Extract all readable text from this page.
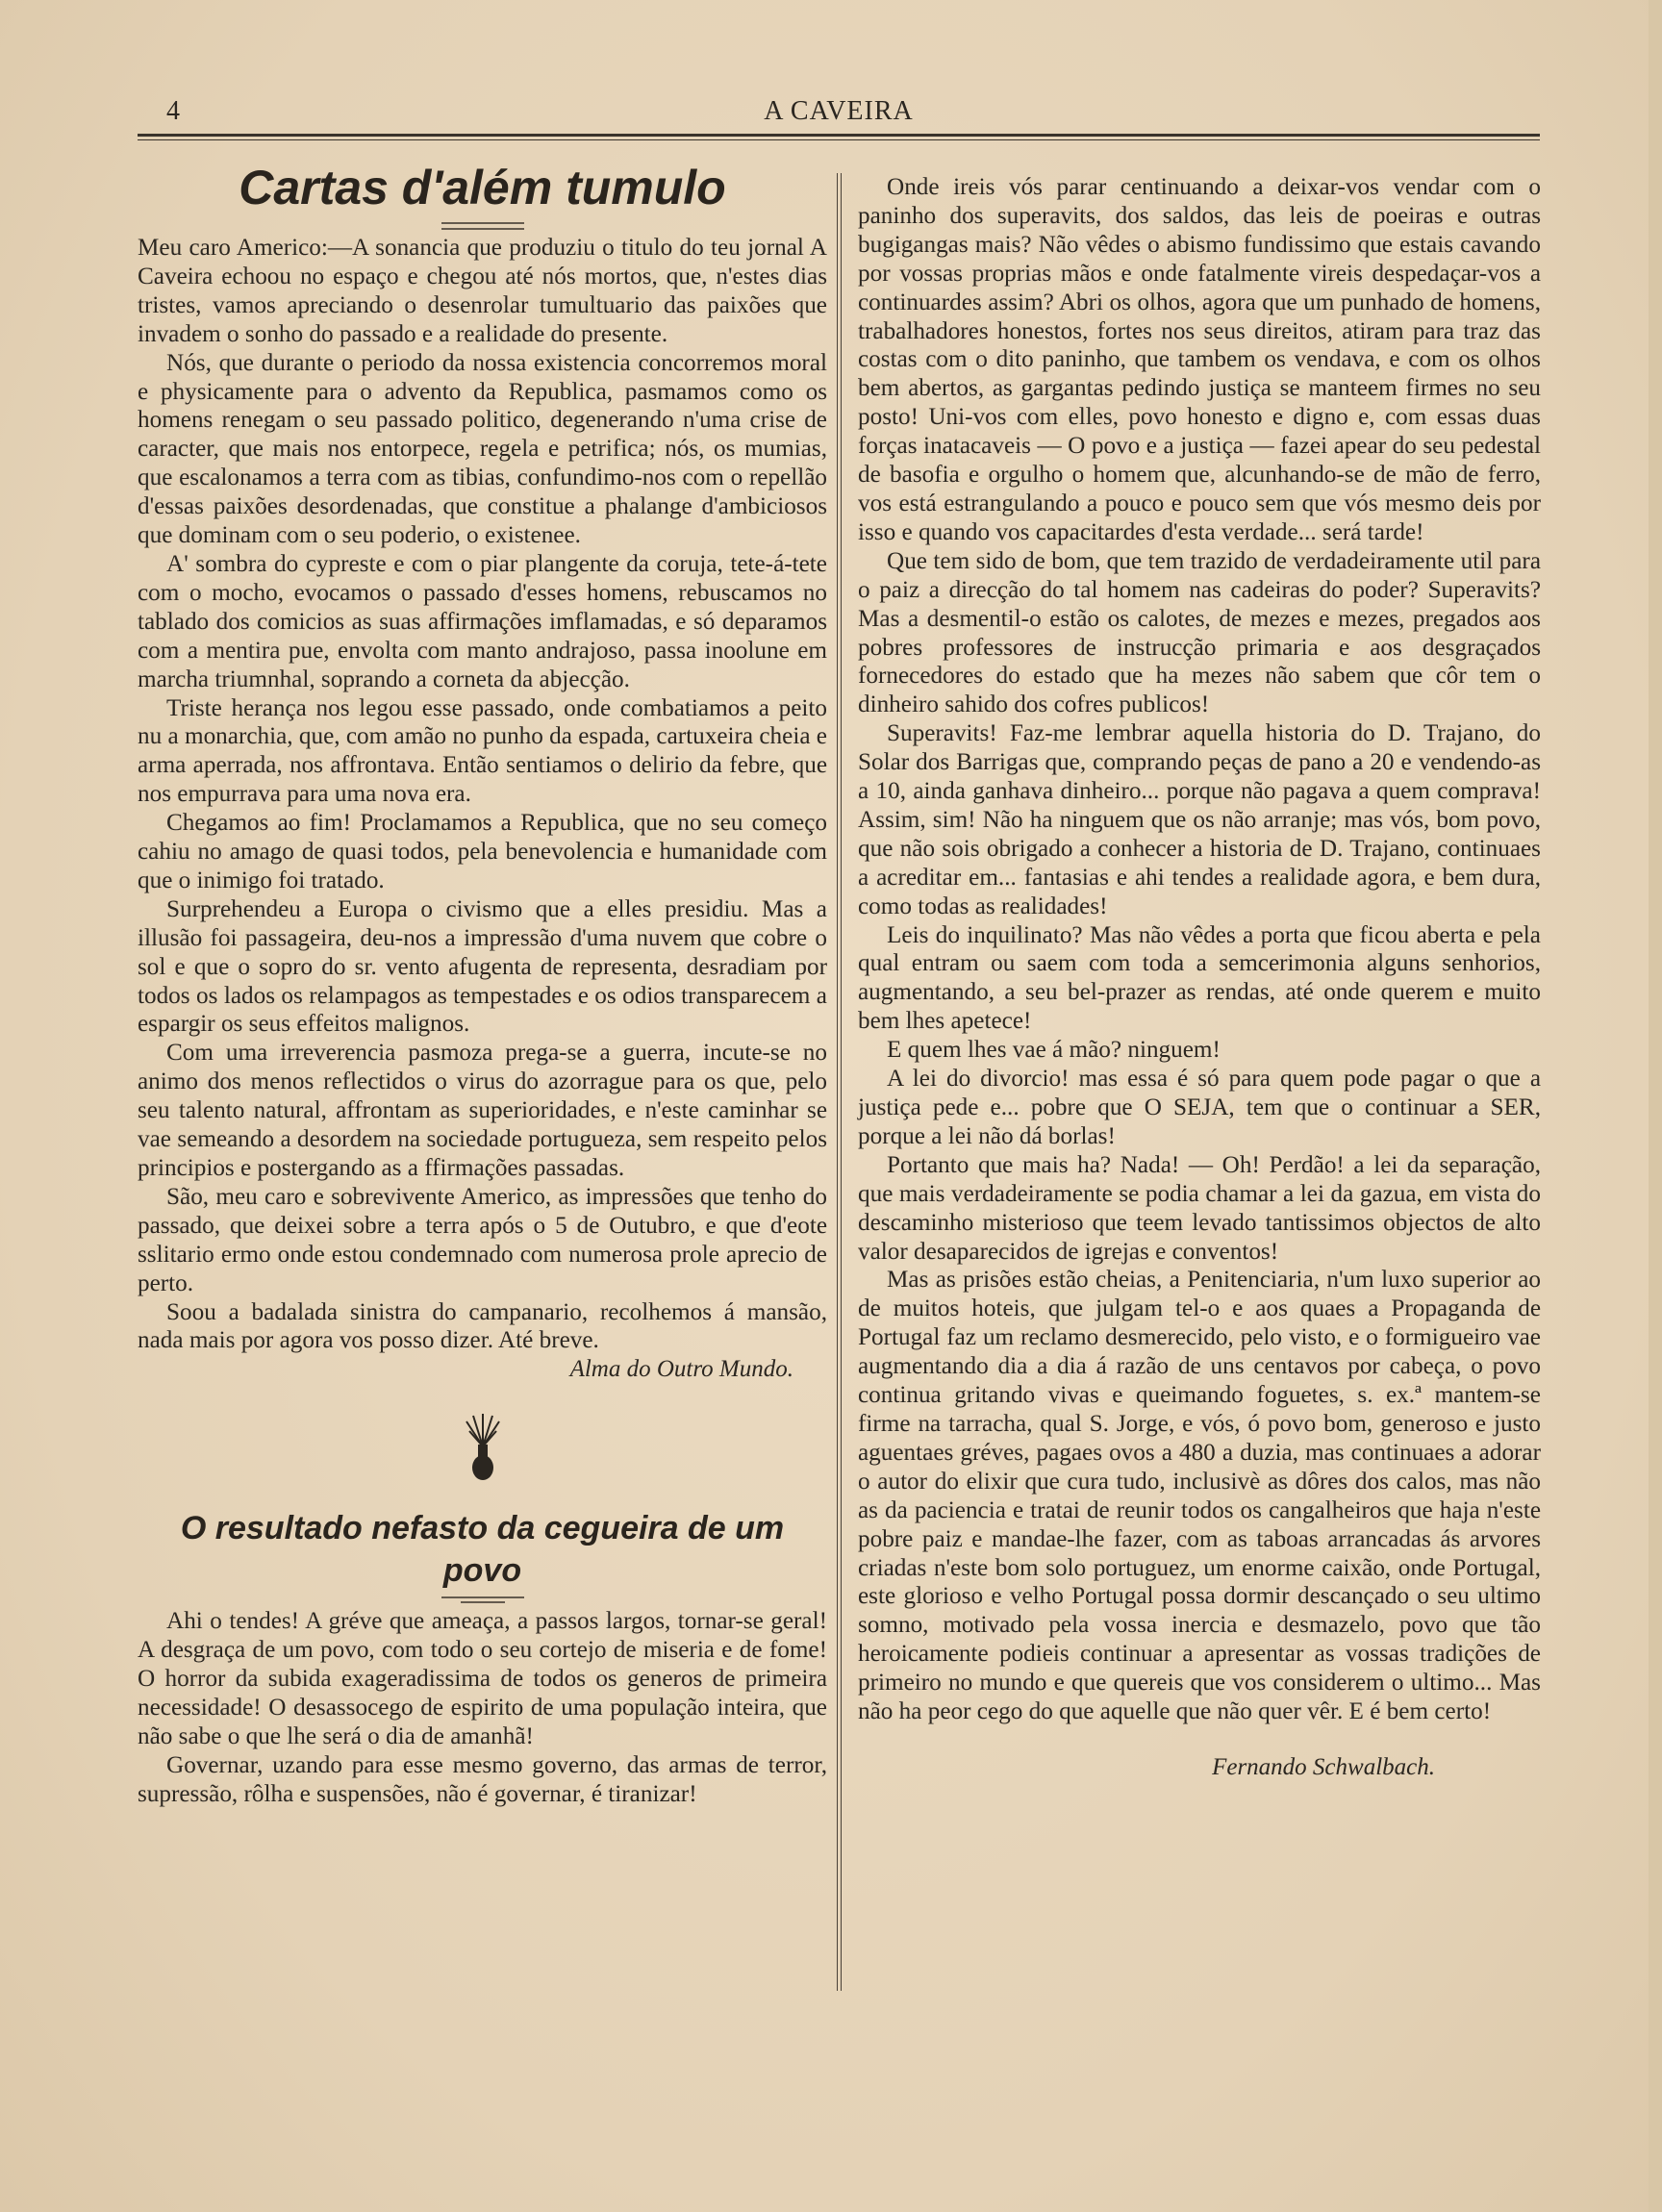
4	A CAVEIRA
Cartas d'além tumulo

Meu caro Americo:—A sonancia que produziu o titulo do teu jornal A Caveira echoou no espaço e chegou até nós mortos, que, n'estes dias tristes, vamos apreciando o desenrolar tumultuario das paixões que invadem o sonho do passado e a realidade do presente.

Nós, que durante o periodo da nossa existencia concorremos moral e physicamente para o advento da Republica, pasmamos como os homens renegam o seu passado politico, degenerando n'uma crise de caracter, que mais nos entorpece, regela e petrifica; nós, os mumias, que escalonamos a terra com as tibias, confundimo-nos com o repellão d'essas paixões desordenadas, que constitue a phalange d'ambiciosos que dominam com o seu poderio, o existenee.

A' sombra do cypreste e com o piar plangente da coruja, tete-á-tete com o mocho, evocamos o passado d'esses homens, rebuscamos no tablado dos comicios as suas affirmações imflamadas, e só deparamos com a mentira pue, envolta com manto andrajoso, passa inoolune em marcha triumnhal, soprando a corneta da abjecção.

Triste herança nos legou esse passado, onde combatiamos a peito nu a monarchia, que, com amão no punho da espada, cartuxeira cheia e arma aperrada, nos affrontava. Então sentiamos o delirio da febre, que nos empurrava para uma nova era.

Chegamos ao fim! Proclamamos a Republica, que no seu começo cahiu no amago de quasi todos, pela benevolencia e humanidade com que o inimigo foi tratado.

Surprehendeu a Europa o civismo que a elles presidiu. Mas a illusão foi passageira, deu-nos a impressão d'uma nuvem que cobre o sol e que o sopro do sr. vento afugenta de representa, desradiam por todos os lados os relampagos as tempestades e os odios transparecem a espargir os seus effeitos malignos.

Com uma irreverencia pasmoza prega-se a guerra, incute-se no animo dos menos reflectidos o virus do azorrague para os que, pelo seu talento natural, affrontam as superioridades, e n'este caminhar se vae semeando a desordem na sociedade portugueza, sem respeito pelos principios e postergando as a ffirmações passadas.

São, meu caro e sobrevivente Americo, as impressões que tenho do passado, que deixei sobre a terra após o 5 de Outubro, e que d'eote sslitario ermo onde estou condemnado com numerosa prole aprecio de perto.

Soou a badalada sinistra do campanario, recolhemos á mansão, nada mais por agora vos posso dizer. Até breve.

Alma do Outro Mundo.
O resultado nefasto da cegueira de um povo

Ahi o tendes! A gréve que ameaça, a passos largos, tornar-se geral! A desgraça de um povo, com todo o seu cortejo de miseria e de fome! O horror da subida exageradissima de todos os generos de primeira necessidade! O desassocego de espirito de uma população inteira, que não sabe o que lhe será o dia de amanhã!

Governar, uzando para esse mesmo governo, das armas de terror, supressão, rôlha e suspensões, não é governar, é tiranizar!

Onde ireis vós parar centinuando a deixar-vos vendar com o paninho dos superavits, dos saldos, das leis de poeiras e outras bugigangas mais? Não vêdes o abismo fundissimo que estais cavando por vossas proprias mãos e onde fatalmente vireis despedaçar-vos a continuardes assim? Abri os olhos, agora que um punhado de homens, trabalhadores honestos, fortes nos seus direitos, atiram para traz das costas com o dito paninho, que tambem os vendava, e com os olhos bem abertos, as gargantas pedindo justiça se manteem firmes no seu posto! Uni-vos com elles, povo honesto e digno e, com essas duas forças inatacaveis — O povo e a justiça — fazei apear do seu pedestal de basofia e orgulho o homem que, alcunhando-se de mão de ferro, vos está estrangulando a pouco e pouco sem que vós mesmo deis por isso e quando vos capacitardes d'esta verdade... será tarde!

Que tem sido de bom, que tem trazido de verdadeiramente util para o paiz a direcção do tal homem nas cadeiras do poder? Superavits? Mas a desmentil-o estão os calotes, de mezes e mezes, pregados aos pobres professores de instrucção primaria e aos desgraçados fornecedores do estado que ha mezes não sabem que côr tem o dinheiro sahido dos cofres publicos!

Superavits! Faz-me lembrar aquella historia do D. Trajano, do Solar dos Barrigas que, comprando peças de pano a 20 e vendendo-as a 10, ainda ganhava dinheiro... porque não pagava a quem comprava! Assim, sim! Não ha ninguem que os não arranje; mas vós, bom povo, que não sois obrigado a conhecer a historia de D. Trajano, continuaes a acreditar em... fantasias e ahi tendes a realidade agora, e bem dura, como todas as realidades!

Leis do inquilinato? Mas não vêdes a porta que ficou aberta e pela qual entram ou saem com toda a semcerimonia alguns senhorios, augmentando, a seu bel-prazer as rendas, até onde querem e muito bem lhes apetece!

E quem lhes vae á mão? ninguem!

A lei do divorcio! mas essa é só para quem pode pagar o que a justiça pede e... pobre que O SEJA, tem que o continuar a SER, porque a lei não dá borlas!

Portanto que mais ha? Nada! — Oh! Perdão! a lei da separação, que mais verdadeiramente se podia chamar a lei da gazua, em vista do descaminho misterioso que teem levado tantissimos objectos de alto valor desaparecidos de igrejas e conventos!

Mas as prisões estão cheias, a Penitenciaria, n'um luxo superior ao de muitos hoteis, que julgam tel-o e aos quaes a Propaganda de Portugal faz um reclamo desmerecido, pelo visto, e o formigueiro vae augmentando dia a dia á razão de uns centavos por cabeça, o povo continua gritando vivas e queimando foguetes, s. ex.ª mantem-se firme na tarracha, qual S. Jorge, e vós, ó povo bom, generoso e justo aguentaes gréves, pagaes ovos a 480 a duzia, mas continuaes a adorar o autor do elixir que cura tudo, inclusivè as dôres dos calos, mas não as da paciencia e tratai de reunir todos os cangalheiros que haja n'este pobre paiz e mandae-lhe fazer, com as taboas arrancadas ás arvores criadas n'este bom solo portuguez, um enorme caixão, onde Portugal, este glorioso e velho Portugal possa dormir descançado o seu ultimo somno, motivado pela vossa inercia e desmazelo, povo que tão heroicamente podieis continuar a apresentar as vossas tradições de primeiro no mundo e que quereis que vos considerem o ultimo... Mas não ha peor cego do que aquelle que não quer vêr. E é bem certo!

Fernando Schwalbach.
